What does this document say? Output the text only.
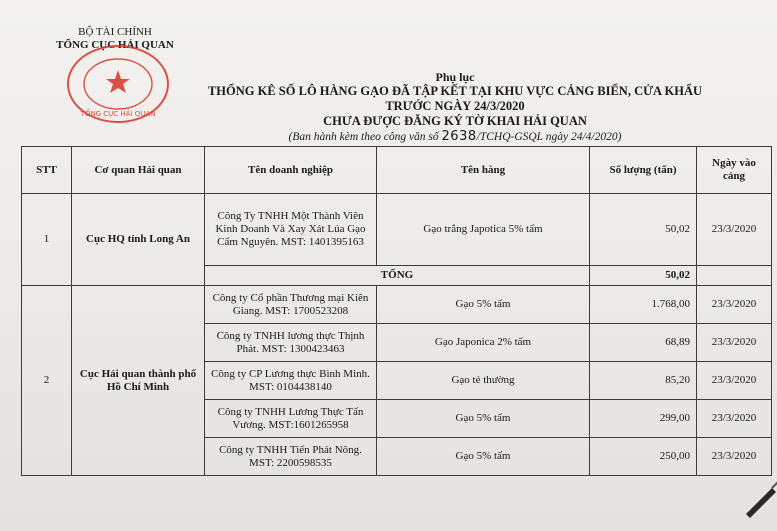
BỘ TÀI CHÍNH
TỔNG CỤC HẢI QUAN
TỔNG CỤC HẢI QUAN
Phụ lục
THỐNG KÊ SỐ LÔ HÀNG GẠO ĐÃ TẬP KẾT TẠI KHU VỰC CẢNG BIỂN, CỬA KHẨU TRƯỚC NGÀY 24/3/2020
CHƯA ĐƯỢC ĐĂNG KÝ TỜ KHAI HẢI QUAN
(Ban hành kèm theo công văn số 2638/TCHQ-GSQL ngày 24/4/2020)
STT	Cơ quan Hải quan	Tên doanh nghiệp	Tên hàng	Số lượng (tấn)	Ngày vào cảng
1	Cục HQ tỉnh Long An	Công Ty TNHH Một Thành Viên Kinh Doanh Và Xay Xát Lúa Gạo Cẩm Nguyên. MST: 1401395163	Gạo trắng Japotica 5% tấm	50,02	23/3/2020
		TỔNG		50,02	
2	Cục Hải quan thành phố Hồ Chí Minh	Công ty Cổ phần Thương mại Kiên Giang. MST: 1700523208	Gạo 5% tấm	1.768,00	23/3/2020
		Công ty TNHH lương thực Thịnh Phát. MST: 1300423463	Gạo Japonica 2% tấm	68,89	23/3/2020
		Công ty CP Lương thực Bình Minh. MST: 0104438140	Gạo tẻ thường	85,20	23/3/2020
		Công ty TNHH Lương Thực Tấn Vương. MST:1601265958	Gạo 5% tấm	299,00	23/3/2020
		Công ty TNHH Tiến Phát Nông. MST: 2200598535	Gạo 5% tấm	250,00	23/3/2020
